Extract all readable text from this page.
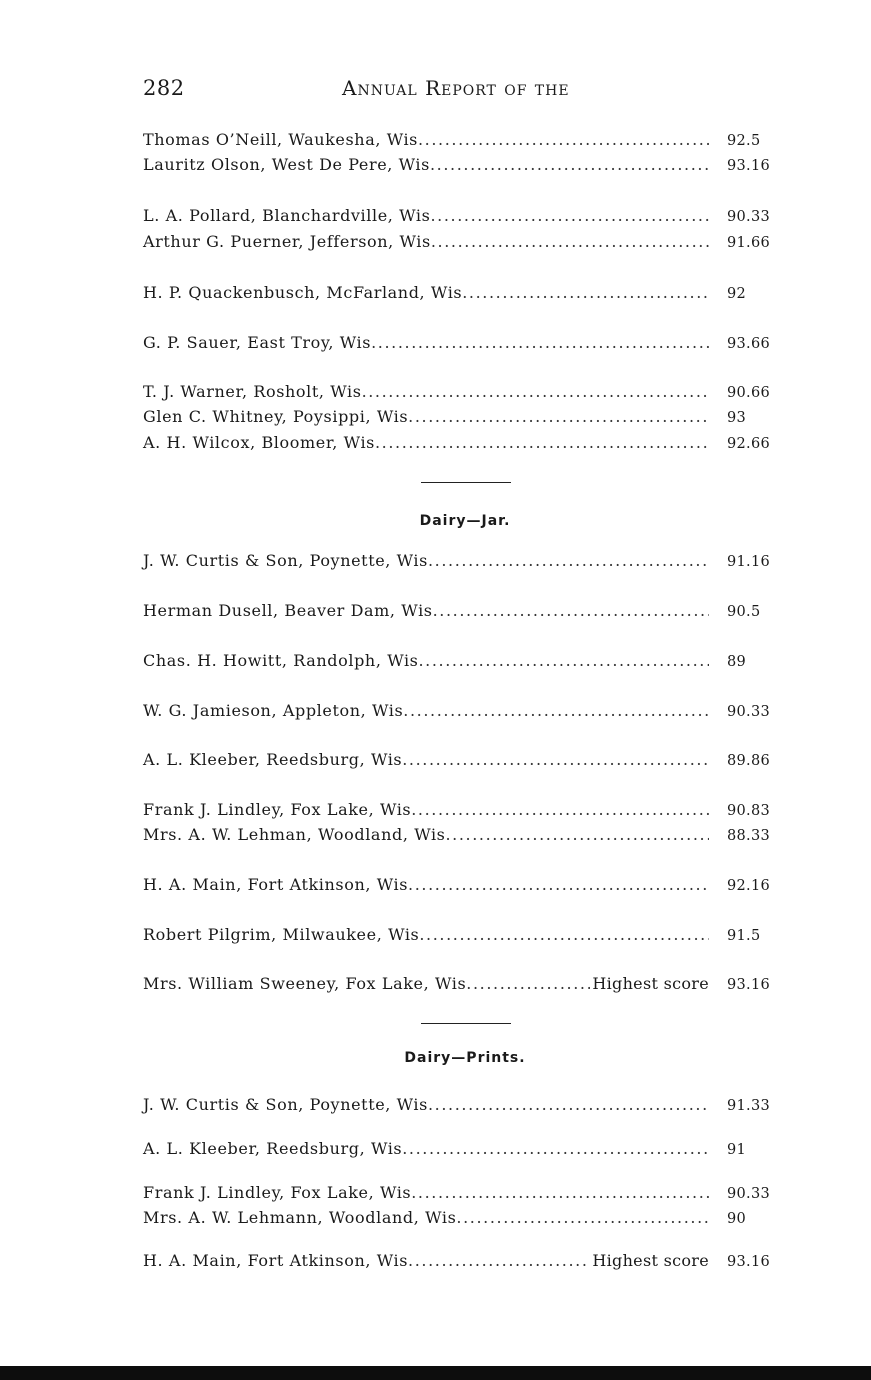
282	Annual Report of the
Thomas O’Neill, Waukesha, Wis .....	92.5
Lauritz Olson, West De Pere, Wis .....	93.16
L. A. Pollard, Blanchardville, Wis .....	90.33
Arthur G. Puerner, Jefferson, Wis .....	91.66
H. P. Quackenbusch, McFarland, Wis .....	92
G. P. Sauer, East Troy, Wis .....	93.66
T. J. Warner, Rosholt, Wis .....	90.66
Glen C. Whitney, Poysippi, Wis .....	93
A. H. Wilcox, Bloomer, Wis .....	92.66
Dairy—Jar.
J. W. Curtis & Son, Poynette, Wis .....	91.16
Herman Dusell, Beaver Dam, Wis .....	90.5
Chas. H. Howitt, Randolph, Wis .....	89
W. G. Jamieson, Appleton, Wis .....	90.33
A. L. Kleeber, Reedsburg, Wis .....	89.86
Frank J. Lindley, Fox Lake, Wis .....	90.83
Mrs. A. W. Lehman, Woodland, Wis .....	88.33
H. A. Main, Fort Atkinson, Wis .....	92.16
Robert Pilgrim, Milwaukee, Wis .....	91.5
Mrs. William Sweeney, Fox Lake, Wis .....	Highest score	93.16
Dairy—Prints.
J. W. Curtis & Son, Poynette, Wis .....	91.33
A. L. Kleeber, Reedsburg, Wis .....	91
Frank J. Lindley, Fox Lake, Wis .....	90.33
Mrs. A. W. Lehmann, Woodland, Wis .....	90
H. A. Main, Fort Atkinson, Wis .....	Highest score	93.16
